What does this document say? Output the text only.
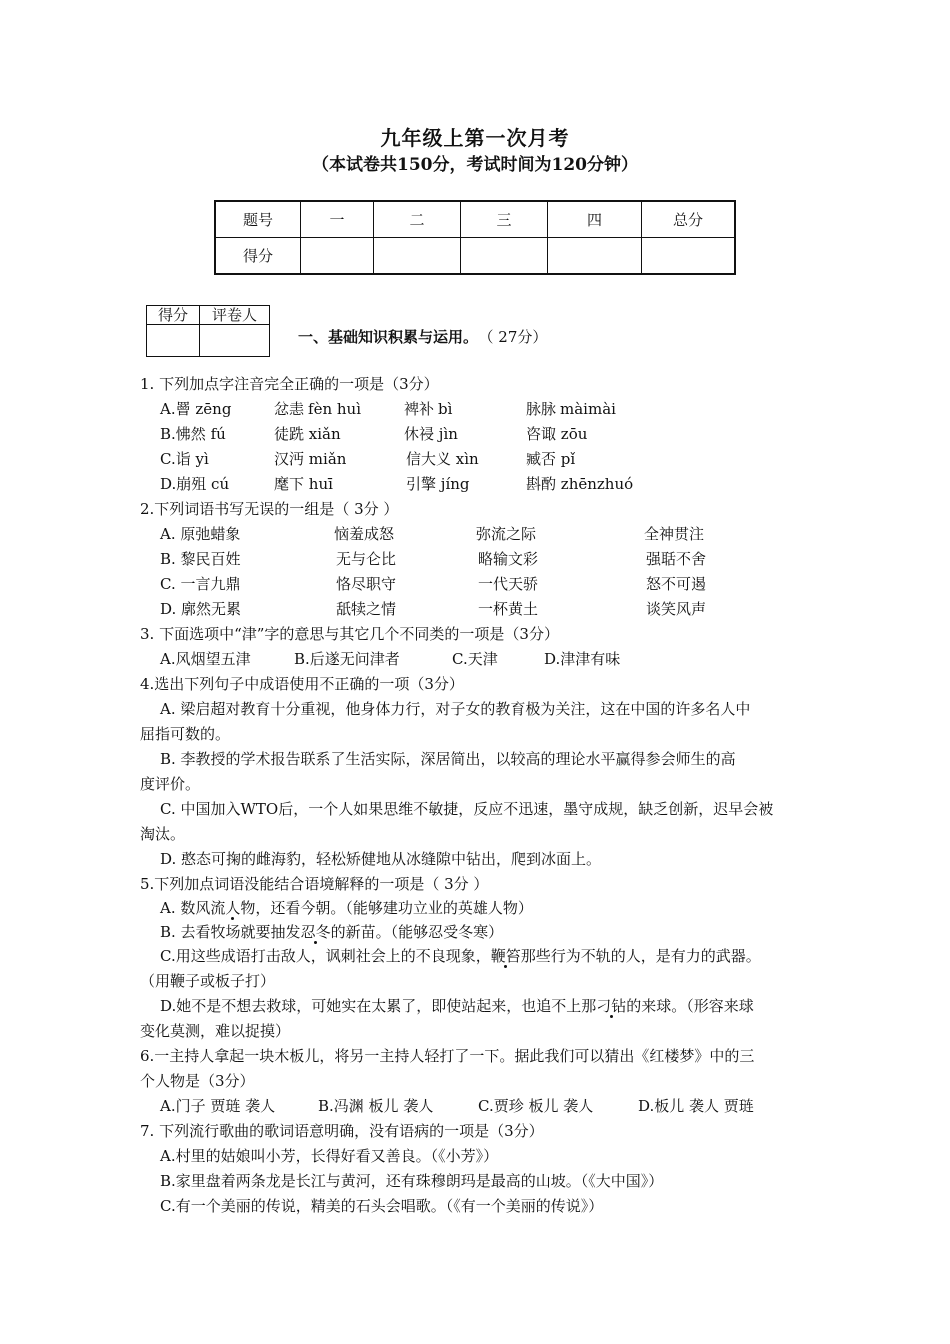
九年级上第一次月考
（本试卷共150分，考试时间为120分钟）
题号	一	二	三	四	总分
得分					
得分	评卷人

一、基础知识积累与运用。 （ 27分）
1. 下列加点字注音完全正确的一项是（3分）
A.罾 zēng	忿恚 fèn huì	裨补 bì	脉脉 màimài
B.怫然 fú	徒跣 xiǎn	休祲 jìn	咨诹 zōu
C.诣 yì	汉沔 miǎn	信大义 xìn	臧否 pǐ
D.崩殂 cú	麾下 huī	引擎 jíng	斟酌 zhēnzhuó
2.下列词语书写无误的一组是（ 3分 ）
A. 原弛蜡象	恼羞成怒	弥流之际	全神贯注
B. 黎民百姓	无与仑比	略输文彩	强聒不舍
C. 一言九鼎	恪尽职守	一代天骄	怒不可遏
D. 廓然无累	舐犊之情	一杯黄土	谈笑风声
3. 下面选项中“津”字的意思与其它几个不同类的一项是（3分）
A.风烟望五津	B.后遂无问津者	C.天津	D.津津有味
4.选出下列句子中成语使用不正确的一项（3分）
A. 梁启超对教育十分重视，他身体力行，对子女的教育极为关注，这在中国的许多名人中
屈指可数的。
B. 李教授的学术报告联系了生活实际，深居简出，以较高的理论水平赢得参会师生的高
度评价。
C. 中国加入WTO后，一个人如果思维不敏捷，反应不迅速，墨守成规，缺乏创新，迟早会被
淘汰。
D. 憨态可掬的雌海豹，轻松矫健地从冰缝隙中钻出，爬到冰面上。
5.下列加点词语没能结合语境解释的一项是（ 3分 ）
A. 数风流人物，还看今朝。（能够建功立业的英雄人物）
B. 去看牧场就要抽发忍冬的新苗。（能够忍受冬寒）
C.用这些成语打击敌人，讽刺社会上的不良现象，鞭笞那些行为不轨的人，是有力的武器。
（用鞭子或板子打）
D.她不是不想去救球，可她实在太累了，即使站起来，也追不上那刁钻的来球。（形容来球
变化莫测，难以捉摸）
6.一主持人拿起一块木板儿，将另一主持人轻打了一下。据此我们可以猜出《红楼梦》中的三
个人物是（3分）
A.门子 贾琏 袭人	B.冯渊 板儿 袭人	C.贾珍 板儿 袭人	D.板儿 袭人 贾琏
7. 下列流行歌曲的歌词语意明确，没有语病的一项是（3分）
A.村里的姑娘叫小芳，长得好看又善良。（《小芳》）
B.家里盘着两条龙是长江与黄河，还有珠穆朗玛是最高的山坡。（《大中国》）
C.有一个美丽的传说，精美的石头会唱歌。（《有一个美丽的传说》）
